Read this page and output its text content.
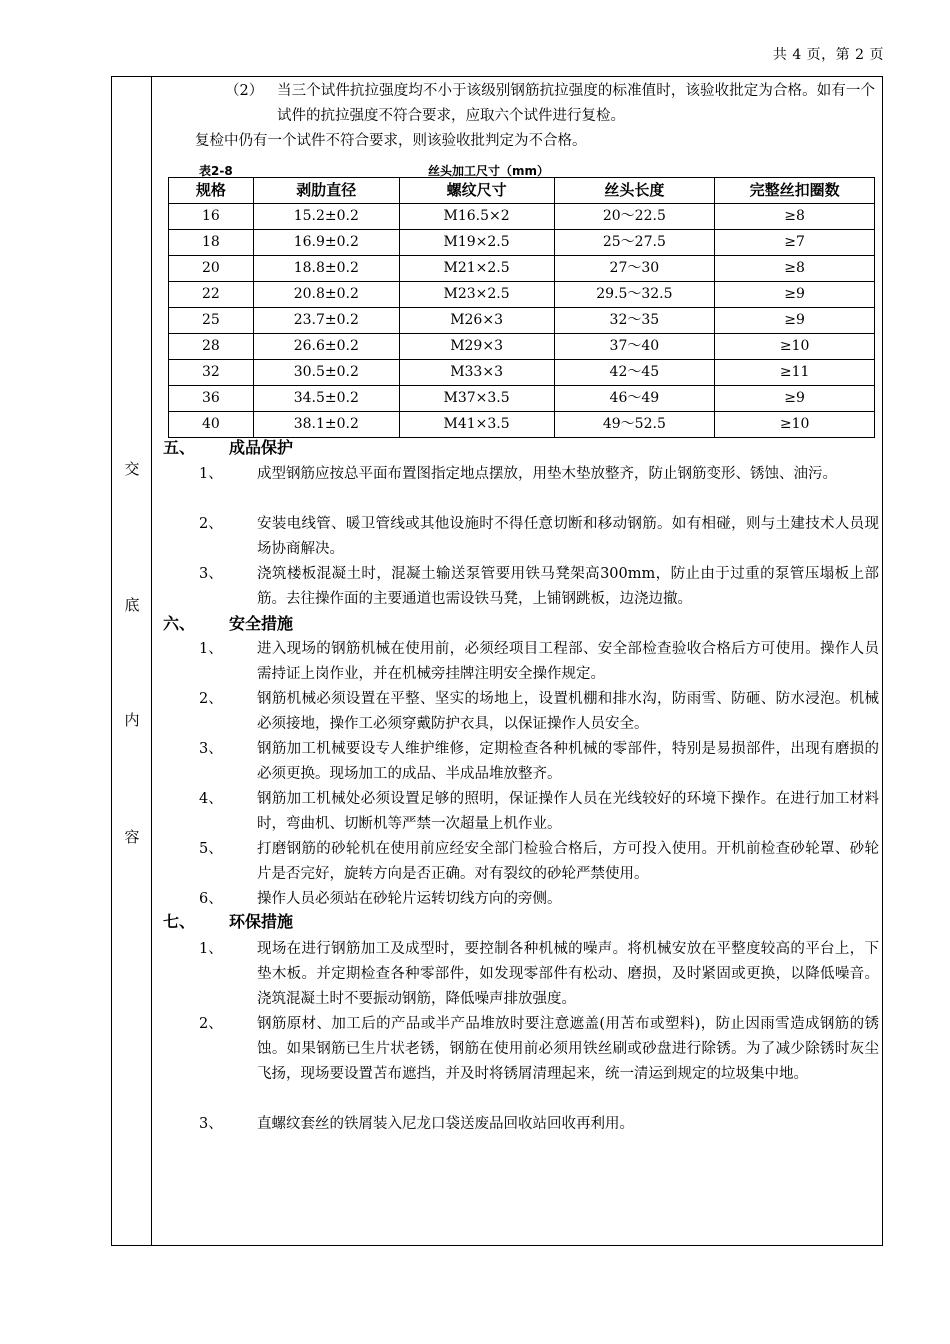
共 4 页，第 2 页
交
底
内
容
（2） 当三个试件抗拉强度均不小于该级别钢筋抗拉强度的标准值时，该验收批定为合格。如有一个试件的抗拉强度不符合要求，应取六个试件进行复检。
复检中仍有一个试件不符合要求，则该验收批判定为不合格。
表2-8	丝头加工尺寸（mm）
规格	剥肋直径	螺纹尺寸	丝头长度	完整丝扣圈数
16	15.2±0.2	M16.5×2	20～22.5	≥8
18	16.9±0.2	M19×2.5	25～27.5	≥7
20	18.8±0.2	M21×2.5	27～30	≥8
22	20.8±0.2	M23×2.5	29.5～32.5	≥9
25	23.7±0.2	M26×3	32～35	≥9
28	26.6±0.2	M29×3	37～40	≥10
32	30.5±0.2	M33×3	42～45	≥11
36	34.5±0.2	M37×3.5	46～49	≥9
40	38.1±0.2	M41×3.5	49～52.5	≥10
五、 成品保护
1、	成型钢筋应按总平面布置图指定地点摆放，用垫木垫放整齐，防止钢筋变形、锈蚀、油污。
2、	安装电线管、暖卫管线或其他设施时不得任意切断和移动钢筋。如有相碰，则与土建技术人员现场协商解决。
3、	浇筑楼板混凝土时，混凝土输送泵管要用铁马凳架高300mm，防止由于过重的泵管压塌板上部筋。去往操作面的主要通道也需设铁马凳，上铺钢跳板，边浇边撤。
六、 安全措施
1、	进入现场的钢筋机械在使用前，必须经项目工程部、安全部检查验收合格后方可使用。操作人员需持证上岗作业，并在机械旁挂牌注明安全操作规定。
2、	钢筋机械必须设置在平整、坚实的场地上，设置机棚和排水沟，防雨雪、防砸、防水浸泡。机械必须接地，操作工必须穿戴防护衣具，以保证操作人员安全。
3、	钢筋加工机械要设专人维护维修，定期检查各种机械的零部件，特别是易损部件，出现有磨损的必须更换。现场加工的成品、半成品堆放整齐。
4、	钢筋加工机械处必须设置足够的照明，保证操作人员在光线较好的环境下操作。在进行加工材料时，弯曲机、切断机等严禁一次超量上机作业。
5、	打磨钢筋的砂轮机在使用前应经安全部门检验合格后，方可投入使用。开机前检查砂轮罩、砂轮片是否完好，旋转方向是否正确。对有裂纹的砂轮严禁使用。
6、	操作人员必须站在砂轮片运转切线方向的旁侧。
七、 环保措施
1、	现场在进行钢筋加工及成型时，要控制各种机械的噪声。将机械安放在平整度较高的平台上，下垫木板。并定期检查各种零部件，如发现零部件有松动、磨损，及时紧固或更换，以降低噪音。浇筑混凝土时不要振动钢筋，降低噪声排放强度。
2、	钢筋原材、加工后的产品或半产品堆放时要注意遮盖(用苫布或塑料)，防止因雨雪造成钢筋的锈蚀。如果钢筋已生片状老锈，钢筋在使用前必须用铁丝刷或砂盘进行除锈。为了减少除锈时灰尘飞扬，现场要设置苫布遮挡，并及时将锈屑清理起来，统一清运到规定的垃圾集中地。
3、	直螺纹套丝的铁屑装入尼龙口袋送废品回收站回收再利用。
